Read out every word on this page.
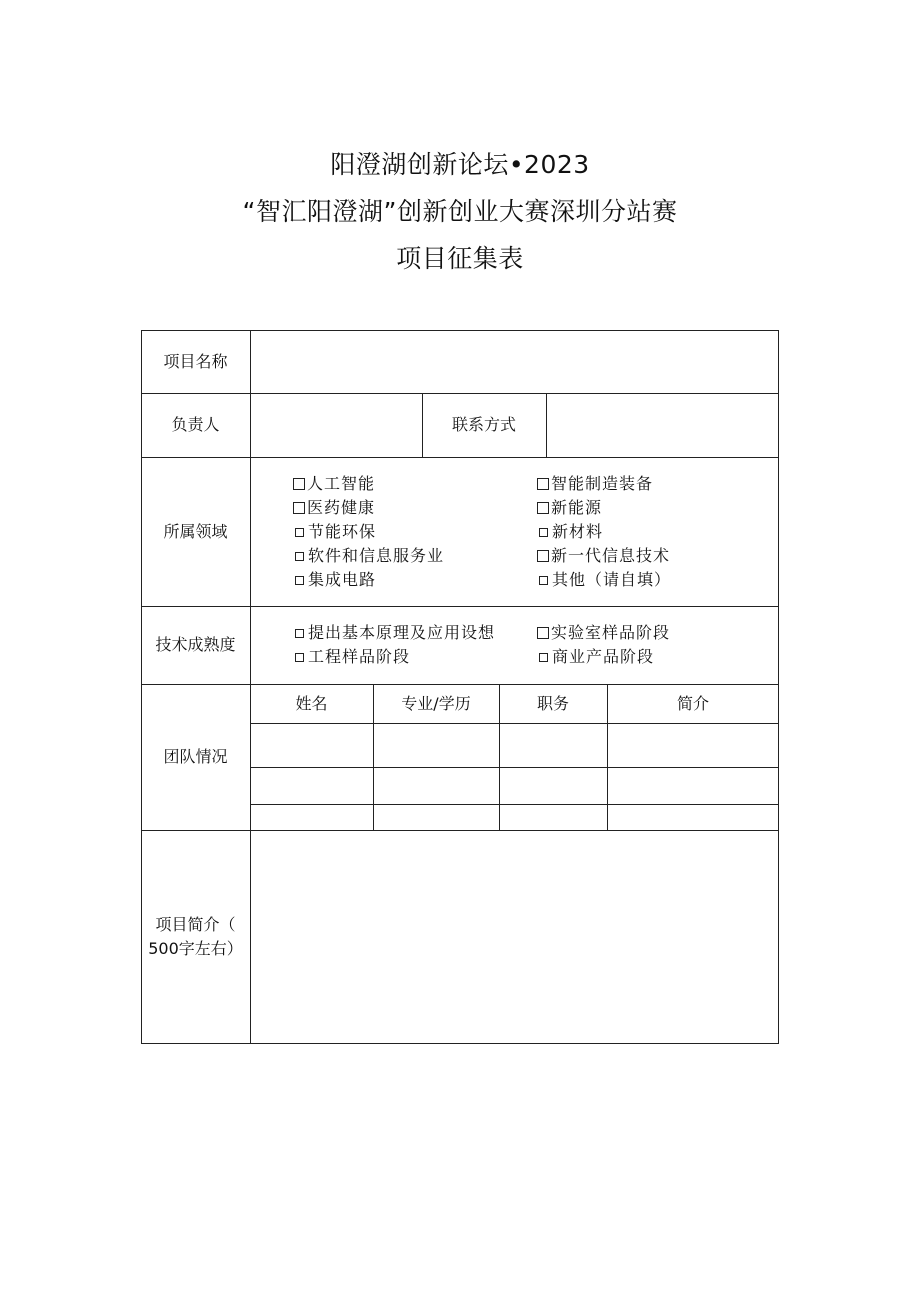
阳澄湖创新论坛•2023
“智汇阳澄湖”创新创业大赛深圳分站赛
项目征集表
项目名称
负责人	联系方式
所属领域
人工智能	智能制造装备
医药健康	新能源
节能环保	新材料
软件和信息服务业	新一代信息技术
集成电路	其他（请自填）
技术成熟度
提出基本原理及应用设想	实验室样品阶段
工程样品阶段	商业产品阶段
团队情况
姓名	专业/学历	职务	简介
项目简介（
500字左右）
